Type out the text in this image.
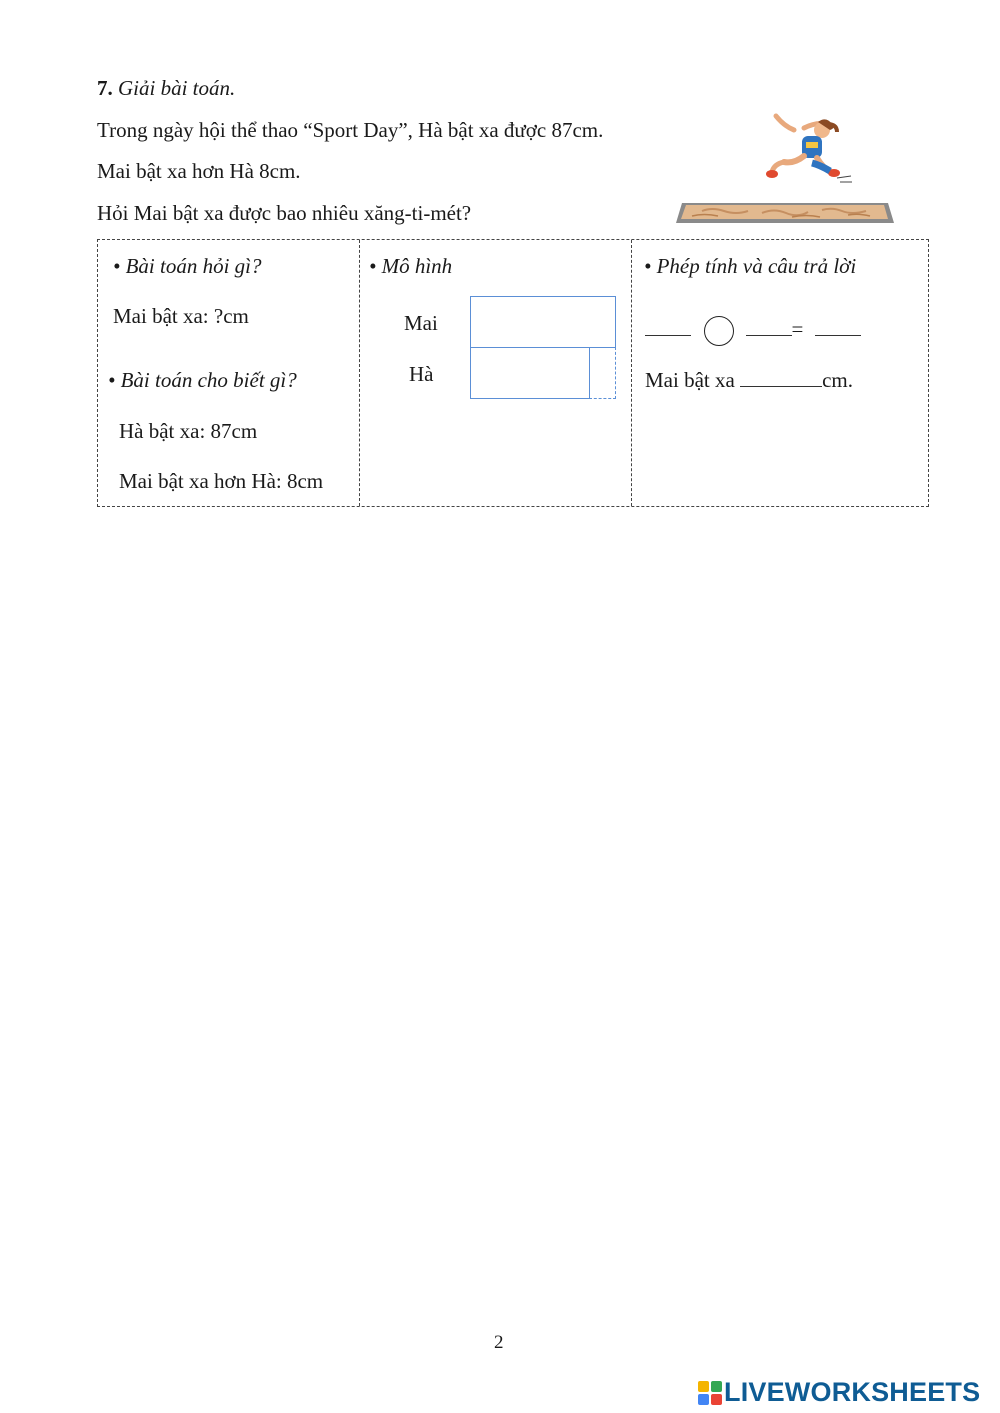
7. Giải bài toán.
Trong ngày hội thể thao “Sport Day”, Hà bật xa được 87cm.
Mai bật xa hơn Hà 8cm.
Hỏi Mai bật xa được bao nhiêu xăng-ti-mét?
• Bài toán hỏi gì?
Mai bật xa: ?cm
• Bài toán cho biết gì?
Hà bật xa: 87cm
Mai bật xa hơn Hà: 8cm
• Mô hình
Mai
Hà
• Phép tính và câu trả lời
=
Mai bật xa	cm.
2
LIVEWORKSHEETS
